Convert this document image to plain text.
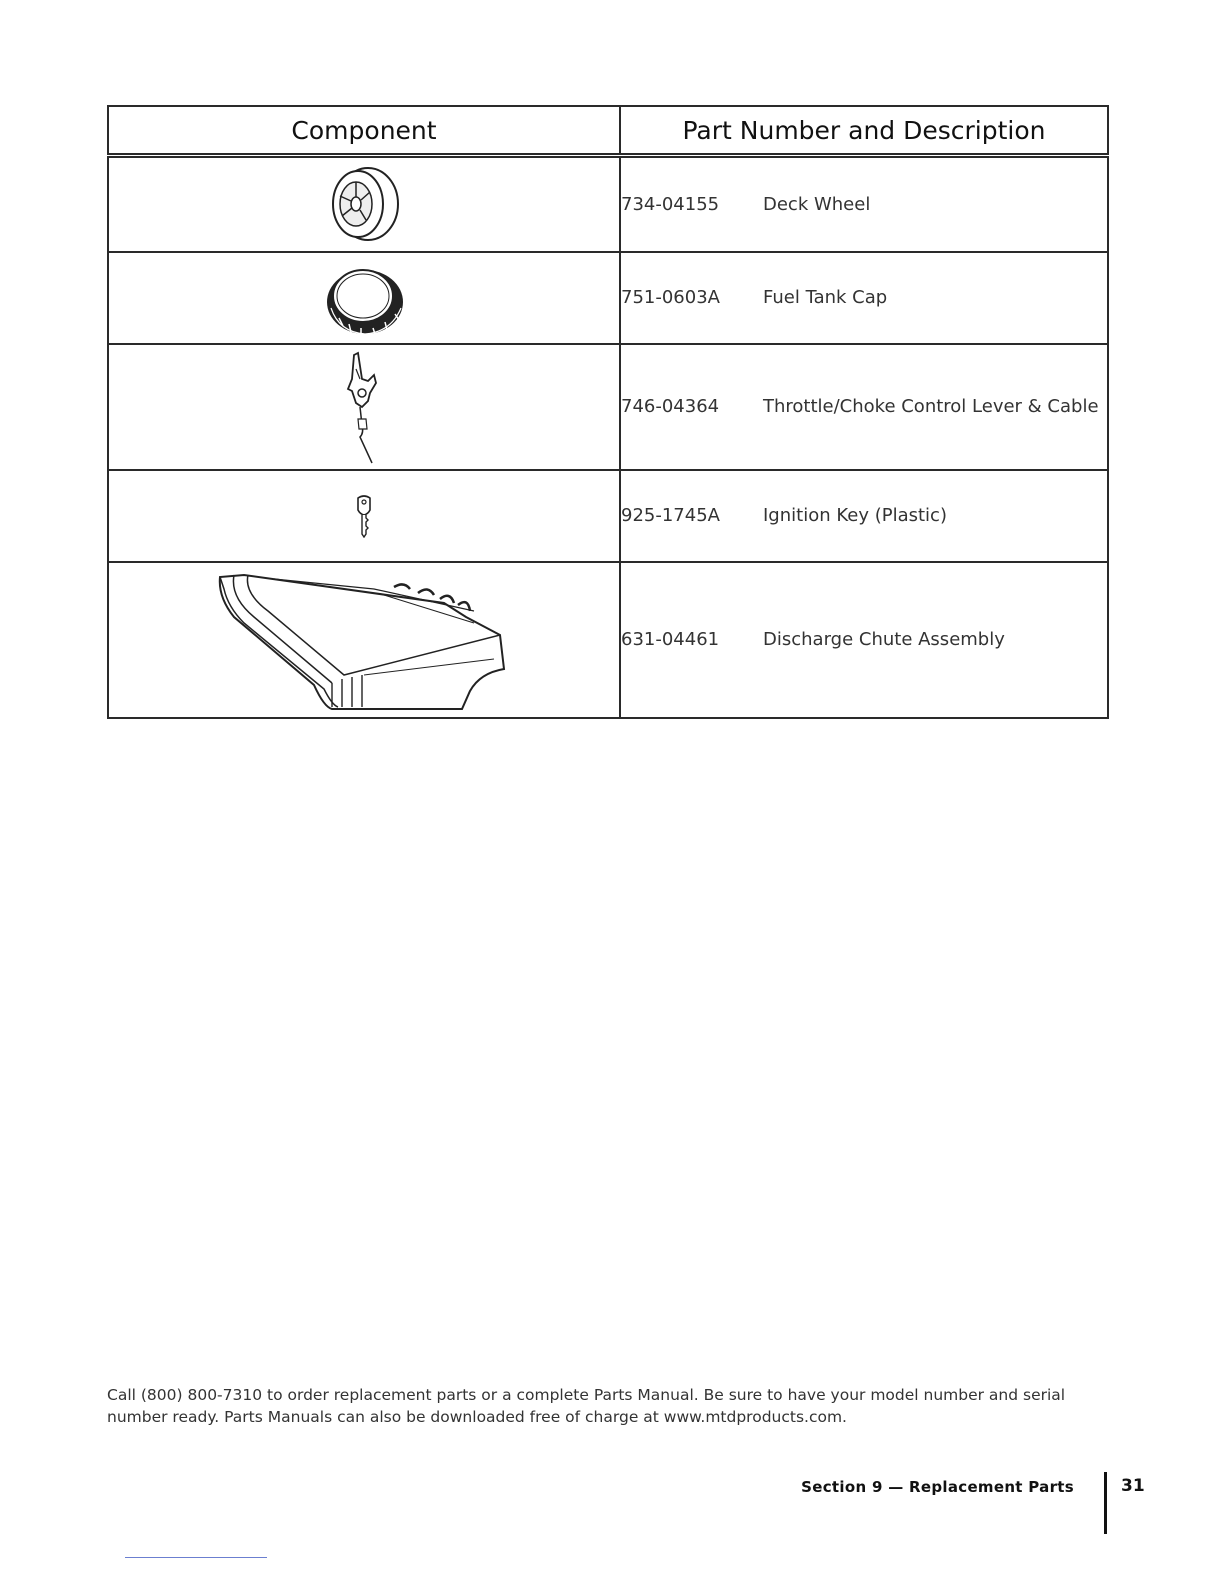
Component	Part Number and Description
	734-04155 Deck Wheel
	751-0603A Fuel Tank Cap
	746-04364 Throttle/Choke Control Lever & Cable
	925-1745A Ignition Key (Plastic)
	631-04461 Discharge Chute Assembly
Call (800) 800-7310 to order replacement parts or a complete Parts Manual. Be sure to have your model number and serial number ready. Parts Manuals can also be downloaded free of charge at www.mtdproducts.com.
Section 9 — Replacement Parts	31
